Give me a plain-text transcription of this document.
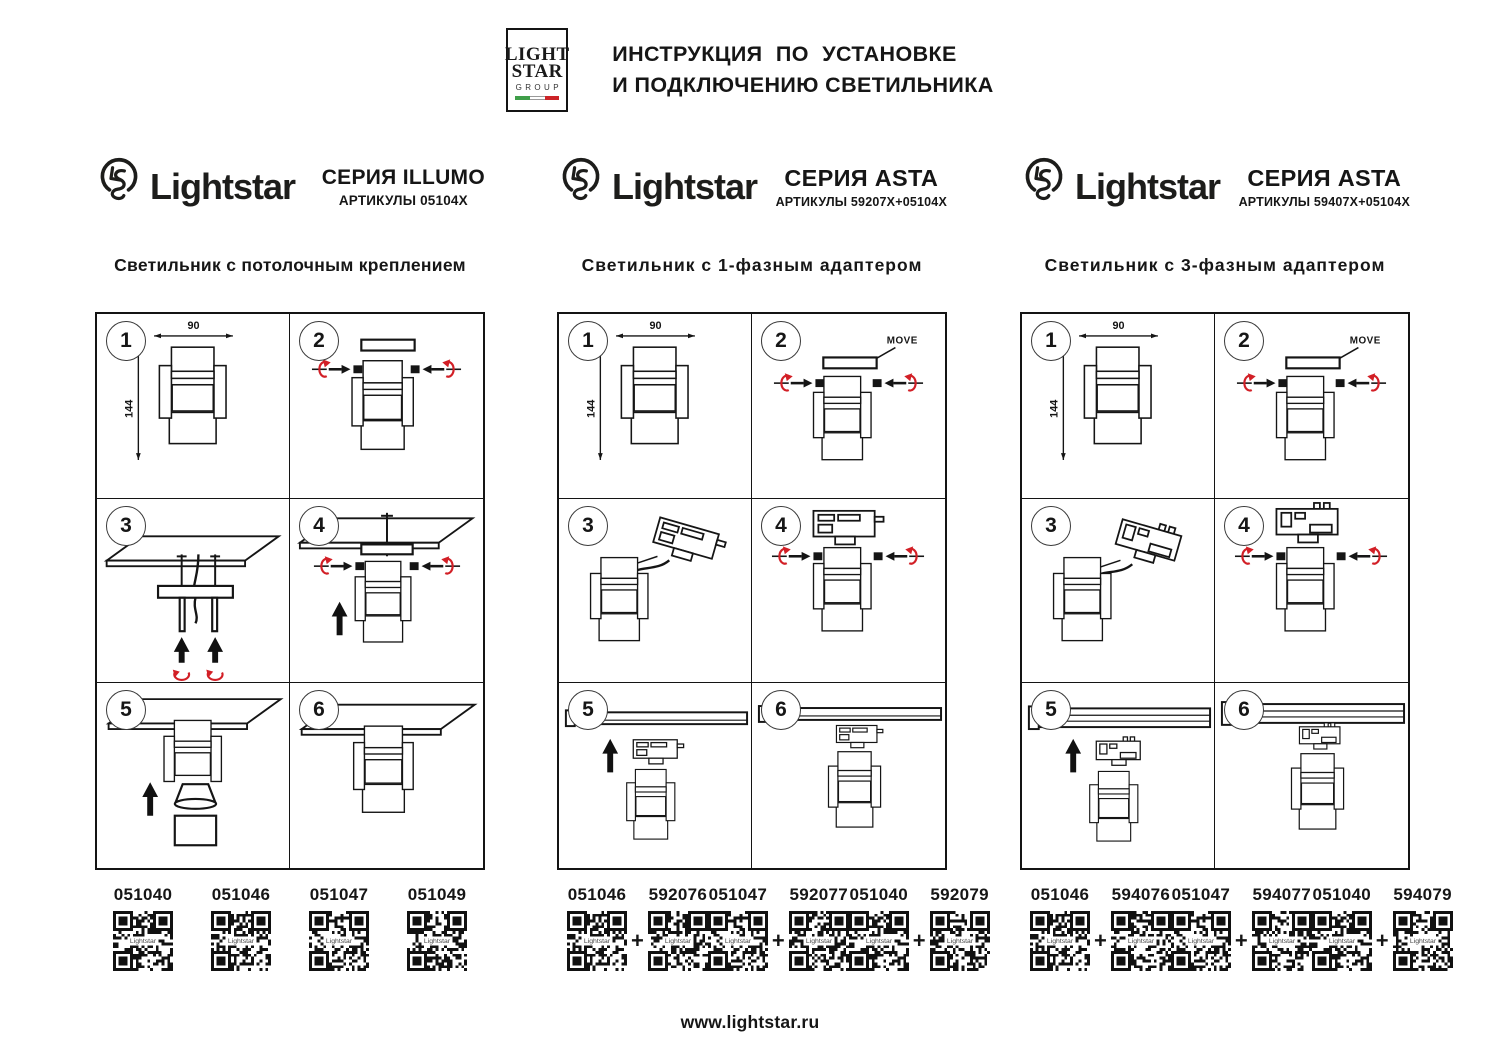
LIGHT
STAR
GROUP
ИНСТРУКЦИЯ ПО УСТАНОВКЕ
И ПОДКЛЮЧЕНИЮ СВЕТИЛЬНИКА
Lightstar СЕРИЯ ILLUMO
АРТИКУЛЫ 05104X
Светильник с потолочным креплением
1
90
144
2
3	4
5	6
051040
Lightstar
051046
Lightstar
051047
Lightstar
051049
Lightstar
Lightstar	СЕРИЯ ASTA
АРТИКУЛЫ 59207X+05104X
Светильник с 1-фазным адаптером
1
90
144
2	MOVE
3	4
5	6
051046
Lightstar +
592076
Lightstar
051047
Lightstar +
592077
Lightstar
051040
Lightstar +
592079
Lightstar
Lightstar	СЕРИЯ ASTA
АРТИКУЛЫ 59407X+05104X
Светильник с 3-фазным адаптером
1
90
144
2	MOVE
3	4
5	6
051046
Lightstar +
594076
Lightstar
051047
Lightstar +
594077
Lightstar
051040
Lightstar +
594079
Lightstar
www.lightstar.ru
